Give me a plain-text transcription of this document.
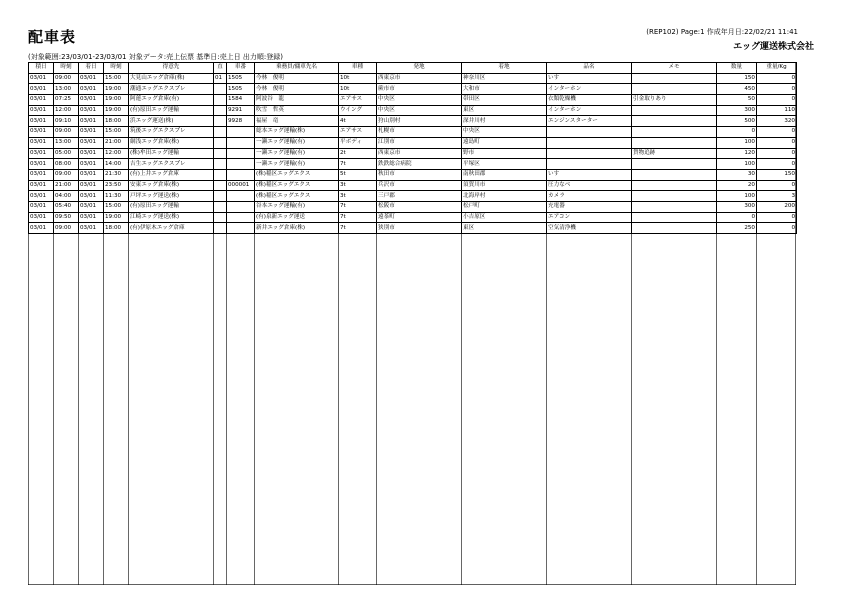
配車表	(REP102) Page:1 作成年月日:22/02/21 11:41
エッグ運送株式会社
(対象範囲:23/03/01-23/03/01 対象データ:売上伝票 基準日:売上日 出力順:登録)
積日	時刻	着日	時刻	得意先	直	車番	乗務員/傭車先名	車種	発地	着地	品名	メモ	数量	重量/Kg
03/01	09:00	03/01	15:00	大見山エッグ倉庫(株)	01	1505	今林　俊明	10t	西東京市	神奈川区	いす		150	0
03/01	13:00	03/01	19:00	潮通エッグエクスプレ		1505	今林　俊明	10t	蕨市市	大和市	インターホン		450	0
03/01	07:25	03/01	19:00	阿蓮エッグ倉庫(有)		1584	阿波谷　龍	エアサス	中央区	帯田区	衣類乾燥機	引金取りあり	50	0
03/01	12:00	03/01	19:00	(有)原田エッグ運輸		9291	吹雪　哲英	ウイング	中央区	東区	インターホン		300	110
03/01	09:10	03/01	18:00	浜エッグ運送(株)		9928	福屋　竜	4t	狩山別村	深井川村	エンジンスターター		500	320
03/01	09:00	03/01	15:00	筑後エッグエクスプレ			総本エッグ運輸(株)	エアサス	札幌市	中央区			0	0
03/01	13:00	03/01	21:00	網浅エッグ倉庫(株)			一瀬エッグ運輸(有)	平ボディ	江別市	遠島町			100	0
03/01	05:00	03/01	12:00	(株)牟田エッグ運輸			一瀬エッグ運輸(有)	2t	西東京市	野市		貨物追跡	120	0
03/01	08:00	03/01	14:00	吉生エッグエクスプレ			一瀬エッグ運輸(有)	7t	鉄鉄総合病院	平塚区			100	0
03/01	09:00	03/01	21:30	(有)上井エッグ倉庫			(株)稲区エッグエクス	5t	秋田市	南秋田郡	いす		30	150
03/01	21:00	03/01	23:50	安東エッグ倉庫(株)		000001	(株)稲区エッグエクス	3t	兵沢市	須賀川市	圧力なべ		20	0
03/01	04:00	03/01	11:30	戸坪エッグ運送(株)			(株)稲区エッグエクス	3t	三戸郡	北海岸村	カメラ		100	3
03/01	05:40	03/01	15:00	(有)原田エッグ運輸			谷本エッグ運輸(有)	7t	松阪市	松戸町	充電器		300	200
03/01	09:50	03/01	19:00	江崎エッグ運送(株)			(有)泉新エッグ運送	7t	遠茶町	小吉原区	エアコン		0	0
03/01	09:00	03/01	18:00	(有)伊原木エッグ倉庫			新井エッグ倉庫(株)	7t	狭別市	東区	空気清浄機		250	0
